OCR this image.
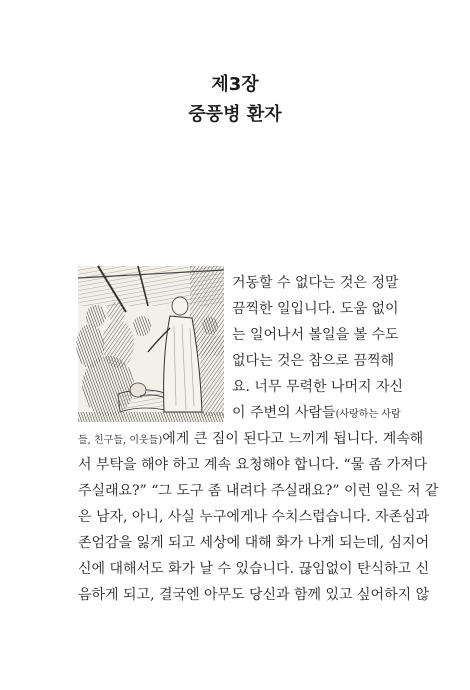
제3장
중풍병 환자
거동할 수 없다는 것은 정말
끔찍한 일입니다. 도움 없이
는 일어나서 볼일을 볼 수도
없다는 것은 참으로 끔찍해
요. 너무 무력한 나머지 자신
이 주변의 사람들(사랑하는 사람
들, 친구들, 이웃들)에게 큰 짐이 된다고 느끼게 됩니다. 계속해
서 부탁을 해야 하고 계속 요청해야 합니다. “물 좀 가져다
주실래요?” “그 도구 좀 내려다 주실래요?” 이런 일은 저 같
은 남자, 아니, 사실 누구에게나 수치스럽습니다. 자존심과
존엄감을 잃게 되고 세상에 대해 화가 나게 되는데, 심지어
신에 대해서도 화가 날 수 있습니다. 끊임없이 탄식하고 신
음하게 되고, 결국엔 아무도 당신과 함께 있고 싶어하지 않
